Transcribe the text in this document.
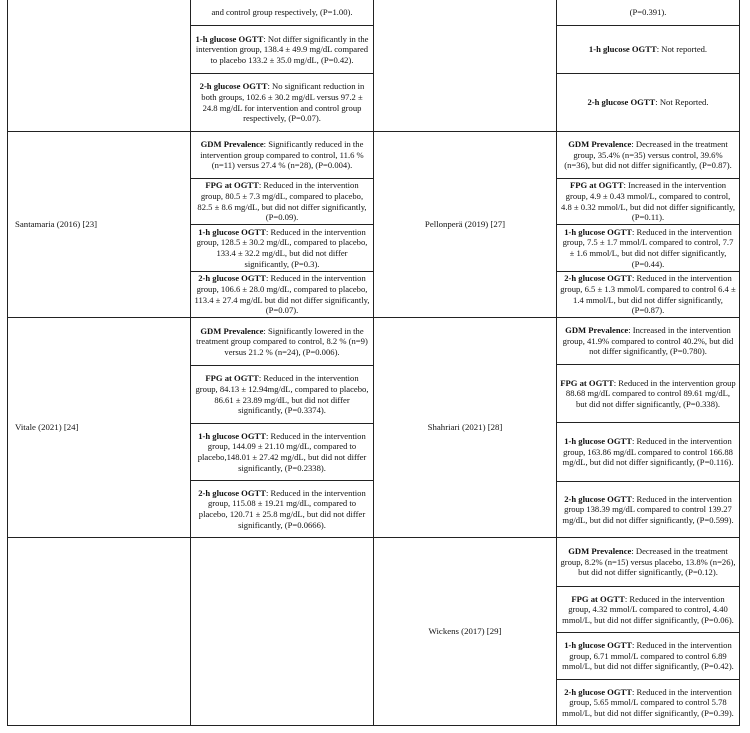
and control group respectively, (P=1.00).
1-h glucose OGTT: Not differ significantly in the intervention group, 138.4 ± 49.9 mg/dL compared to placebo 133.2 ± 35.0 mg/dL, (P=0.42).
2-h glucose OGTT: No significant reduction in both groups, 102.6 ± 30.2 mg/dL versus 97.2 ± 24.8 mg/dL for intervention and control group respectively, (P=0.07).
(P=0.391).
1-h glucose OGTT: Not reported.
2-h glucose OGTT: Not Reported.
Santamaria (2016) [23]
GDM Prevalence: Significantly reduced in the intervention group compared to control, 11.6 % (n=11) versus 27.4 % (n=28), (P=0.004).
FPG at OGTT: Reduced in the intervention group, 80.5 ± 7.3 mg/dL, compared to placebo, 82.5 ± 8.6 mg/dL, but did not differ significantly, (P=0.09).
1-h glucose OGTT: Reduced in the intervention group, 128.5 ± 30.2 mg/dL, compared to placebo, 133.4 ± 32.2 mg/dL, but did not differ significantly, (P=0.3).
2-h glucose OGTT: Reduced in the intervention group, 106.6 ± 28.0 mg/dL, compared to placebo, 113.4 ± 27.4 mg/dL but did not differ significantly, (P=0.07).
Pellonperä (2019) [27]
GDM Prevalence: Decreased in the treatment group, 35.4% (n=35) versus control, 39.6% (n=36), but did not differ significantly, (P=0.87).
FPG at OGTT: Increased in the intervention group, 4.9 ± 0.43 mmol/L, compared to control, 4.8 ± 0.32 mmol/L, but did not differ significantly, (P=0.11).
1-h glucose OGTT: Reduced in the intervention group, 7.5 ± 1.7 mmol/L compared to control, 7.7 ± 1.6 mmol/L, but did not differ significantly, (P=0.44).
2-h glucose OGTT: Reduced in the intervention group, 6.5 ± 1.3 mmol/L compared to control 6.4 ± 1.4 mmol/L, but did not differ significantly, (P=0.87).
Vitale (2021) [24]
GDM Prevalence: Significantly lowered in the treatment group compared to control, 8.2 % (n=9) versus 21.2 % (n=24), (P=0.006).
FPG at OGTT: Reduced in the intervention group, 84.13 ± 12.94mg/dL, compared to placebo, 86.61 ± 23.89 mg/dL, but did not differ significantly, (P=0.3374).
1-h glucose OGTT: Reduced in the intervention group, 144.09 ± 21.10 mg/dL, compared to placebo,148.01 ± 27.42 mg/dL, but did not differ significantly, (P=0.2338).
2-h glucose OGTT: Reduced in the intervention group, 115.08 ± 19.21 mg/dL, compared to placebo, 120.71 ± 25.8 mg/dL, but did not differ significantly, (P=0.0666).
Shahriari (2021) [28]
GDM Prevalence: Increased in the intervention group, 41.9% compared to control 40.2%, but did not differ significantly, (P=0.780).
FPG at OGTT: Reduced in the intervention group 88.68 mg/dL compared to control 89.61 mg/dL, but did not differ significantly, (P=0.338).
1-h glucose OGTT: Reduced in the intervention group, 163.86 mg/dL compared to control 166.88 mg/dL, but did not differ significantly, (P=0.116).
2-h glucose OGTT: Reduced in the intervention group 138.39 mg/dL compared to control 139.27 mg/dL, but did not differ significantly, (P=0.599).
Wickens (2017) [29]
GDM Prevalence: Decreased in the treatment group, 8.2% (n=15) versus placebo, 13.8% (n=26), but did not differ significantly, (P=0.12).
FPG at OGTT: Reduced in the intervention group, 4.32 mmol/L compared to control, 4.40 mmol/L, but did not differ significantly, (P=0.06).
1-h glucose OGTT: Reduced in the intervention group, 6.71 mmol/L compared to control 6.89 mmol/L, but did not differ significantly, (P=0.42).
2-h glucose OGTT: Reduced in the intervention group, 5.65 mmol/L compared to control 5.78 mmol/L, but did not differ significantly, (P=0.39).
